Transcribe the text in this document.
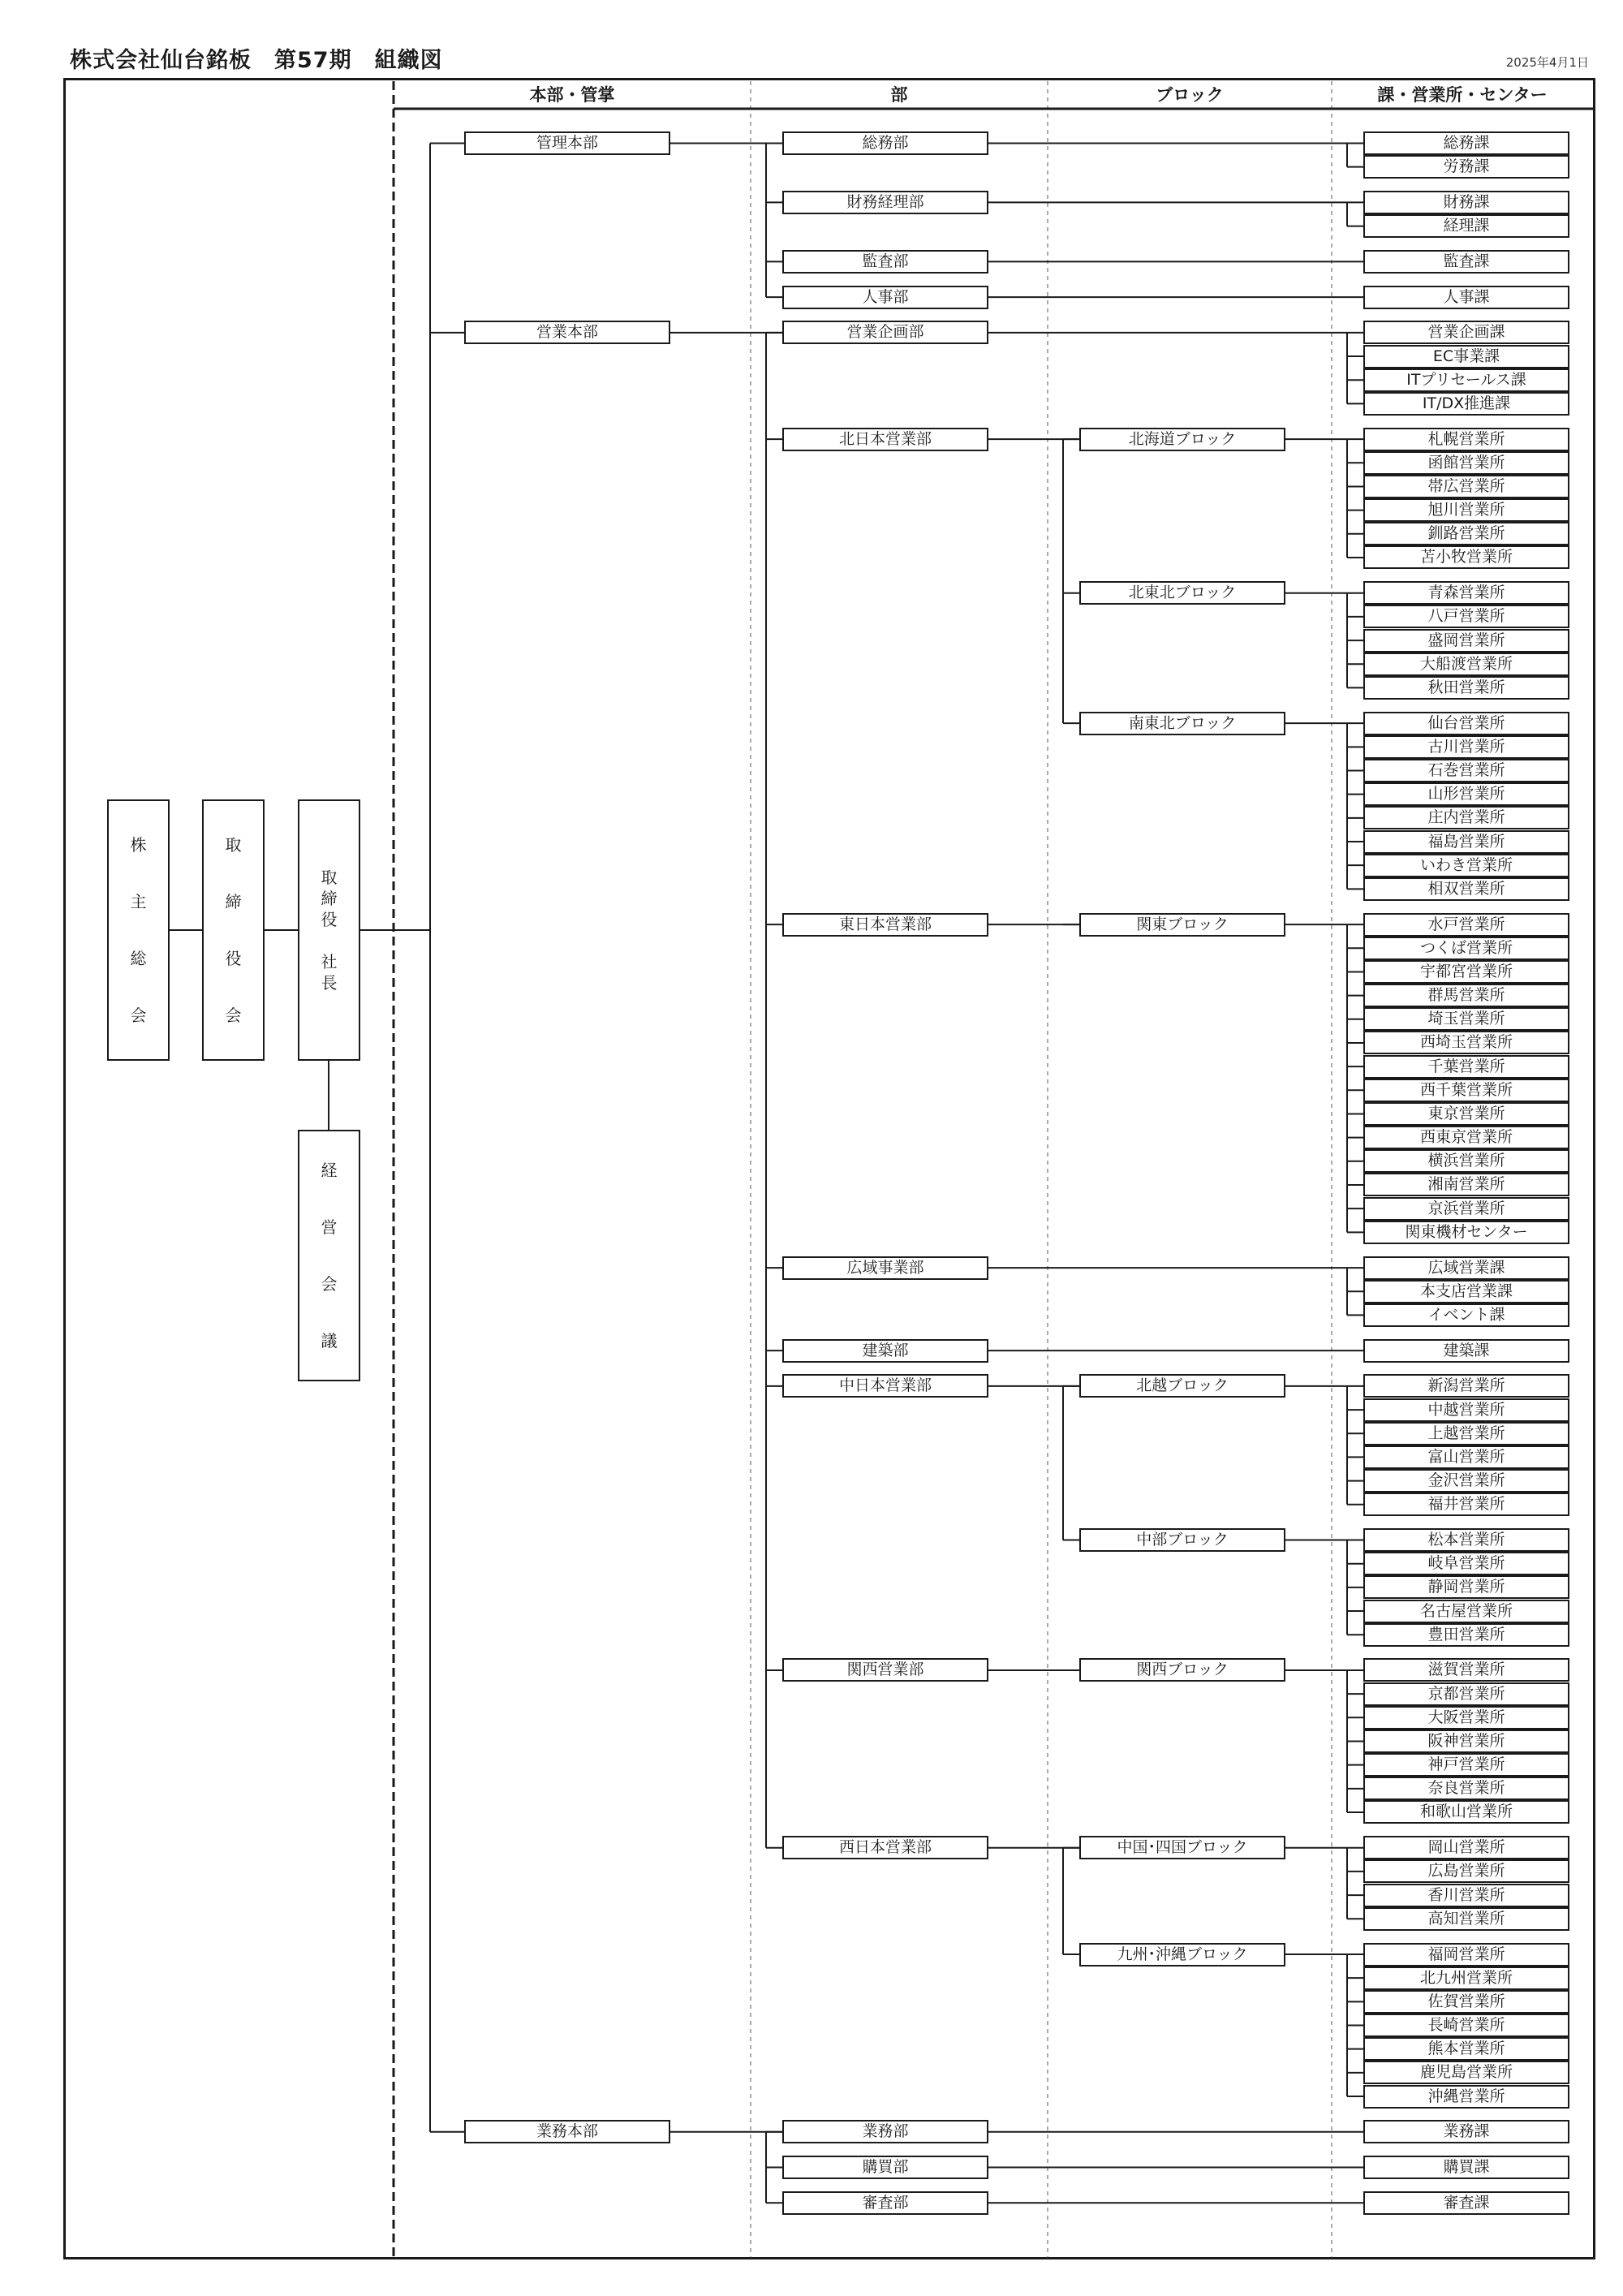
株式会社仙台銘板　第57期　組織図	2025年4月1日
本部・管掌	部	ブロック	課・営業所・センター
管理本部	総務部	総務課
労務課
財務経理部	財務課
経理課
監査部	監査課
人事部	人事課
営業本部	営業企画部	営業企画課
EC事業課
ITプリセールス課
IT/DX推進課
北日本営業部	北海道ブロック	札幌営業所
函館営業所
帯広営業所
旭川営業所
釧路営業所
苫小牧営業所
北東北ブロック	青森営業所
八戸営業所
盛岡営業所
大船渡営業所
秋田営業所
南東北ブロック	仙台営業所
古川営業所
石巻営業所
山形営業所
庄内営業所
福島営業所
いわき営業所
相双営業所
東日本営業部	関東ブロック	水戸営業所
つくば営業所
宇都宮営業所
群馬営業所
埼玉営業所
西埼玉営業所
千葉営業所
西千葉営業所
東京営業所
西東京営業所
横浜営業所
湘南営業所
京浜営業所
関東機材センター
広域事業部	広域営業課
本支店営業課
イベント課
建築部	建築課
中日本営業部	北越ブロック	新潟営業所
中越営業所
上越営業所
富山営業所
金沢営業所
福井営業所
中部ブロック	松本営業所
岐阜営業所
静岡営業所
名古屋営業所
豊田営業所
関西営業部	関西ブロック	滋賀営業所
京都営業所
大阪営業所
阪神営業所
神戸営業所
奈良営業所
和歌山営業所
西日本営業部	中国･四国ブロック	岡山営業所
広島営業所
香川営業所
高知営業所
九州･沖縄ブロック	福岡営業所
北九州営業所
佐賀営業所
長崎営業所
熊本営業所
鹿児島営業所
沖縄営業所
業務本部	業務部	業務課
購買部	購買課
審査部	審査課
株
主
総
会
取
締
役
会
取
締
役
社
長
経
営
会
議
